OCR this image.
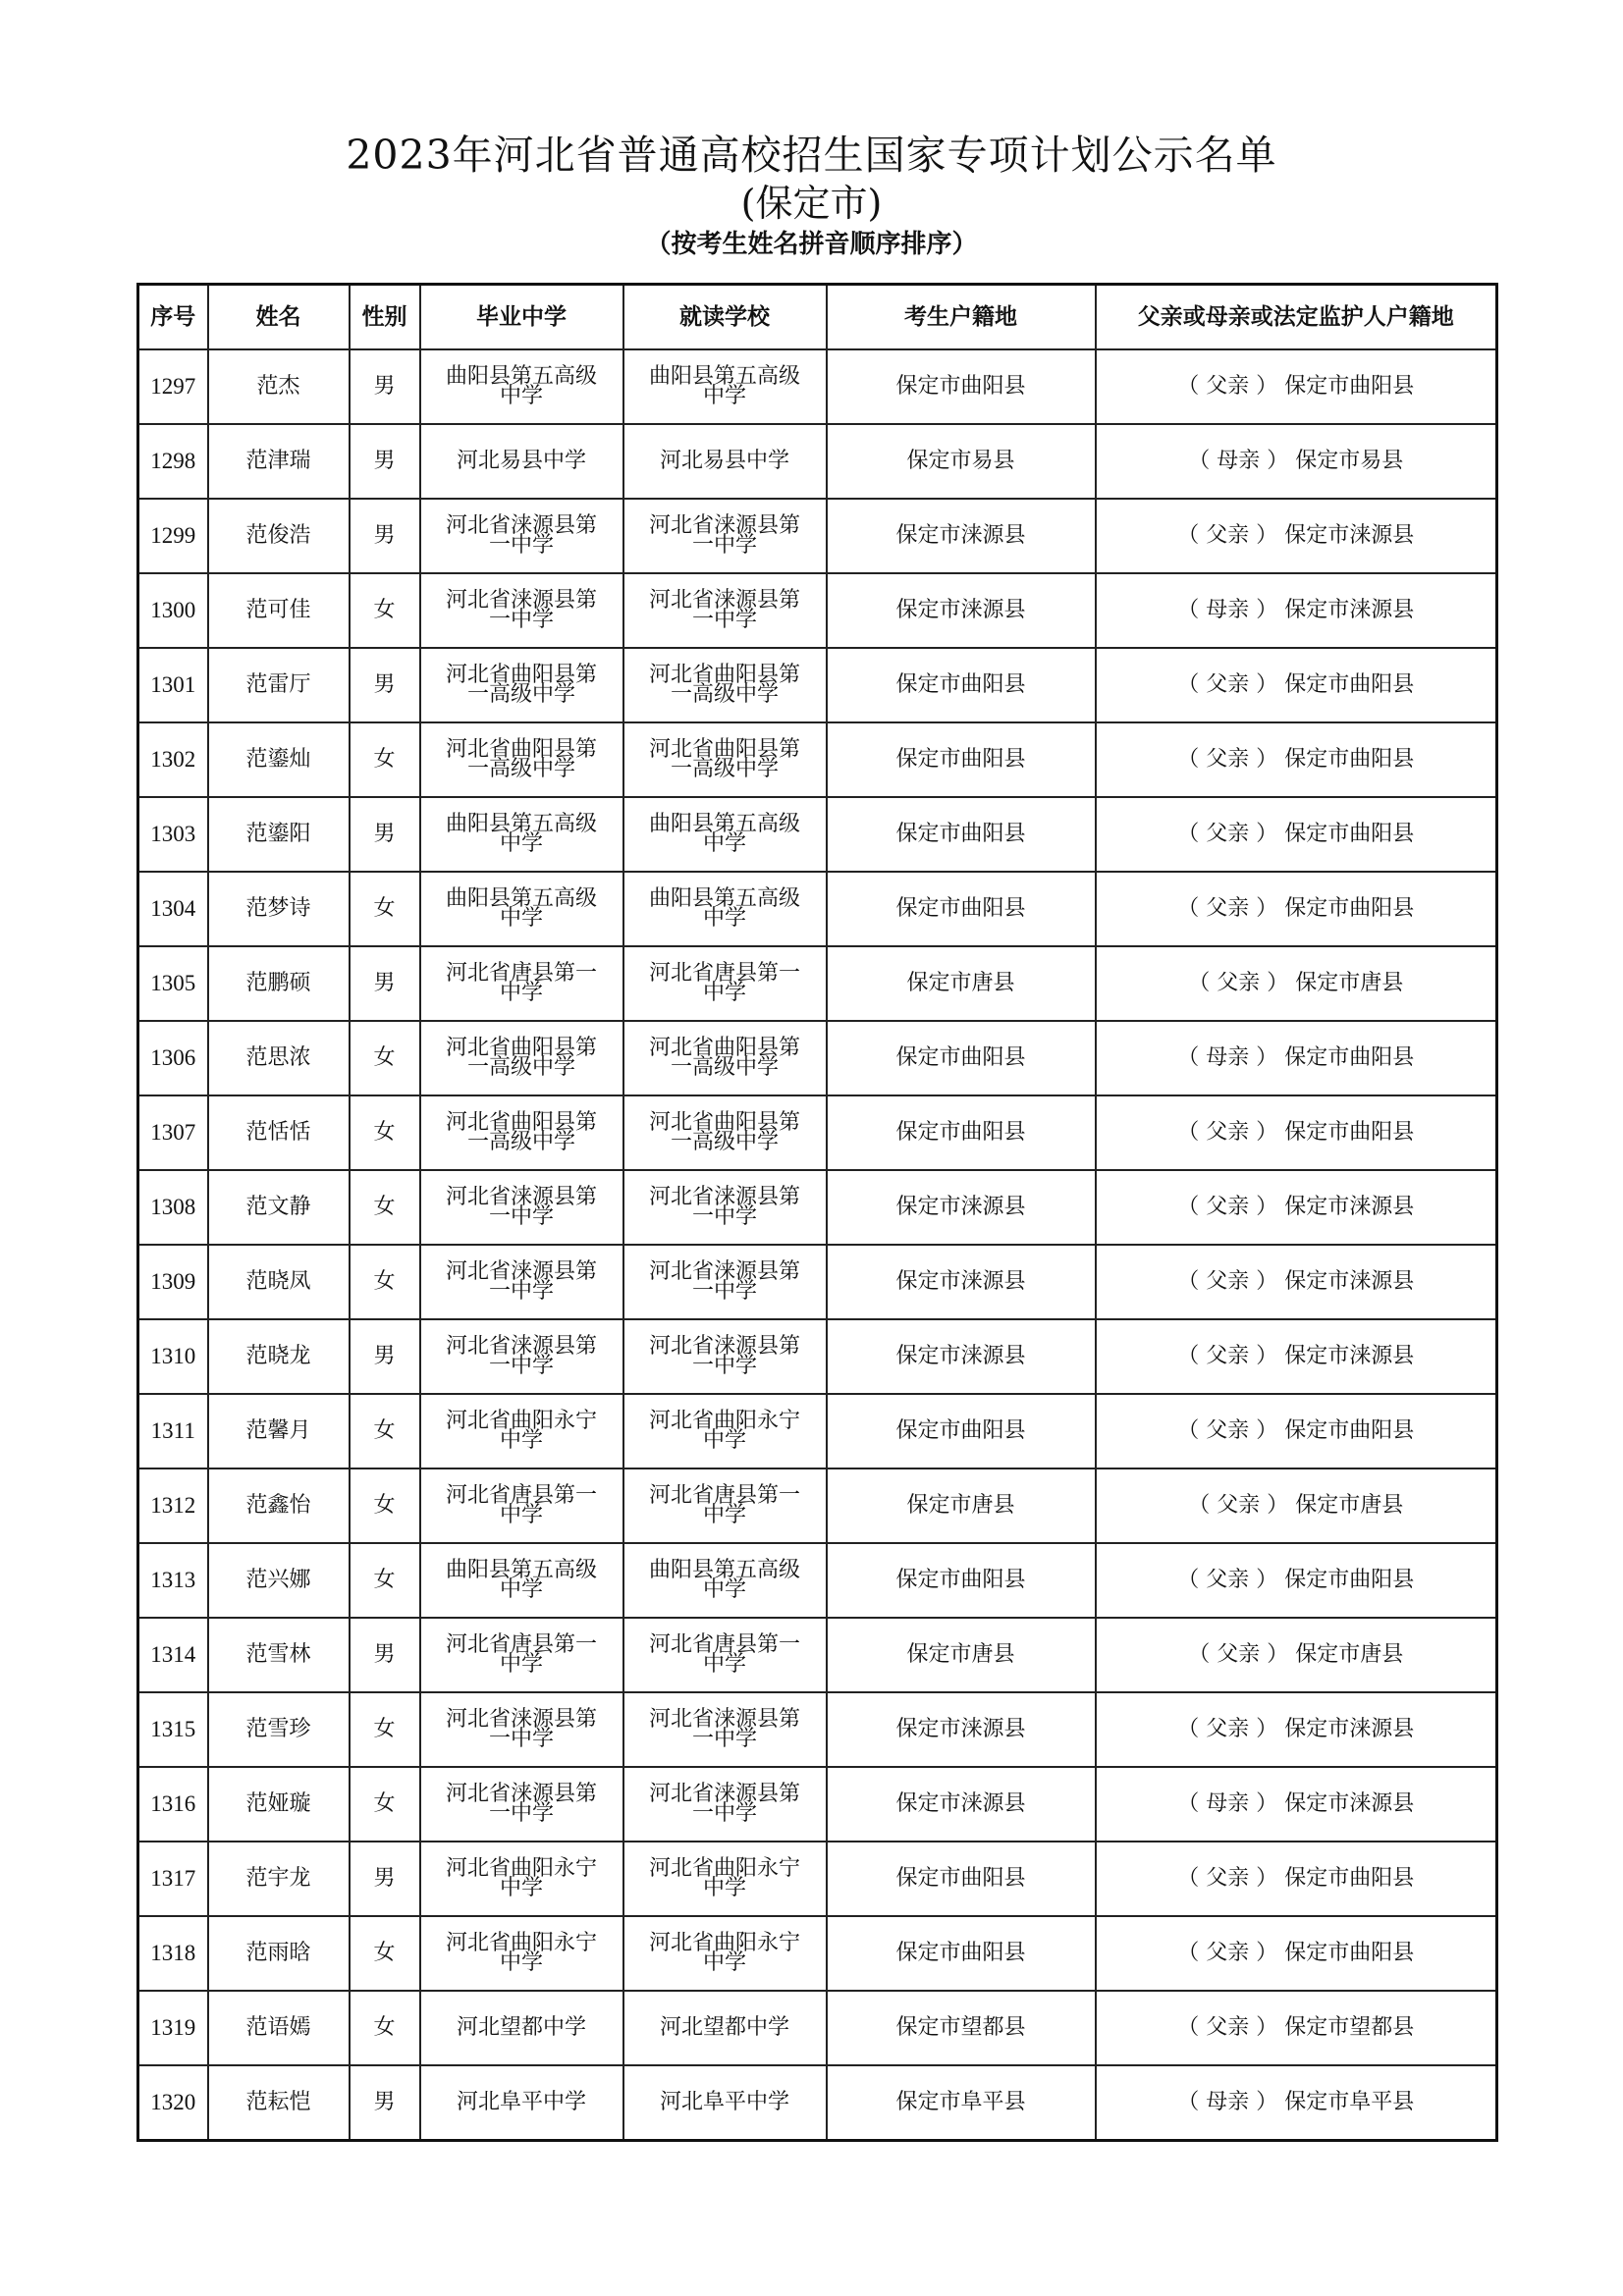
2023年河北省普通高校招生国家专项计划公示名单
(保定市)
（按考生姓名拼音顺序排序）
序号	姓名	性别	毕业中学	就读学校	考生户籍地	父亲或母亲或法定监护人户籍地
1297	范杰	男	曲阳县第五高级中学	曲阳县第五高级中学	保定市曲阳县	（ 父亲 ） 保定市曲阳县
1298	范津瑞	男	河北易县中学	河北易县中学	保定市易县	（ 母亲 ） 保定市易县
1299	范俊浩	男	河北省涞源县第一中学	河北省涞源县第一中学	保定市涞源县	（ 父亲 ） 保定市涞源县
1300	范可佳	女	河北省涞源县第一中学	河北省涞源县第一中学	保定市涞源县	（ 母亲 ） 保定市涞源县
1301	范雷厅	男	河北省曲阳县第一高级中学	河北省曲阳县第一高级中学	保定市曲阳县	（ 父亲 ） 保定市曲阳县
1302	范鎏灿	女	河北省曲阳县第一高级中学	河北省曲阳县第一高级中学	保定市曲阳县	（ 父亲 ） 保定市曲阳县
1303	范鎏阳	男	曲阳县第五高级中学	曲阳县第五高级中学	保定市曲阳县	（ 父亲 ） 保定市曲阳县
1304	范梦诗	女	曲阳县第五高级中学	曲阳县第五高级中学	保定市曲阳县	（ 父亲 ） 保定市曲阳县
1305	范鹏硕	男	河北省唐县第一中学	河北省唐县第一中学	保定市唐县	（ 父亲 ） 保定市唐县
1306	范思浓	女	河北省曲阳县第一高级中学	河北省曲阳县第一高级中学	保定市曲阳县	（ 母亲 ） 保定市曲阳县
1307	范恬恬	女	河北省曲阳县第一高级中学	河北省曲阳县第一高级中学	保定市曲阳县	（ 父亲 ） 保定市曲阳县
1308	范文静	女	河北省涞源县第一中学	河北省涞源县第一中学	保定市涞源县	（ 父亲 ） 保定市涞源县
1309	范晓凤	女	河北省涞源县第一中学	河北省涞源县第一中学	保定市涞源县	（ 父亲 ） 保定市涞源县
1310	范晓龙	男	河北省涞源县第一中学	河北省涞源县第一中学	保定市涞源县	（ 父亲 ） 保定市涞源县
1311	范馨月	女	河北省曲阳永宁中学	河北省曲阳永宁中学	保定市曲阳县	（ 父亲 ） 保定市曲阳县
1312	范鑫怡	女	河北省唐县第一中学	河北省唐县第一中学	保定市唐县	（ 父亲 ） 保定市唐县
1313	范兴娜	女	曲阳县第五高级中学	曲阳县第五高级中学	保定市曲阳县	（ 父亲 ） 保定市曲阳县
1314	范雪林	男	河北省唐县第一中学	河北省唐县第一中学	保定市唐县	（ 父亲 ） 保定市唐县
1315	范雪珍	女	河北省涞源县第一中学	河北省涞源县第一中学	保定市涞源县	（ 父亲 ） 保定市涞源县
1316	范娅璇	女	河北省涞源县第一中学	河北省涞源县第一中学	保定市涞源县	（ 母亲 ） 保定市涞源县
1317	范宇龙	男	河北省曲阳永宁中学	河北省曲阳永宁中学	保定市曲阳县	（ 父亲 ） 保定市曲阳县
1318	范雨晗	女	河北省曲阳永宁中学	河北省曲阳永宁中学	保定市曲阳县	（ 父亲 ） 保定市曲阳县
1319	范语嫣	女	河北望都中学	河北望都中学	保定市望都县	（ 父亲 ） 保定市望都县
1320	范耘恺	男	河北阜平中学	河北阜平中学	保定市阜平县	（ 母亲 ） 保定市阜平县
